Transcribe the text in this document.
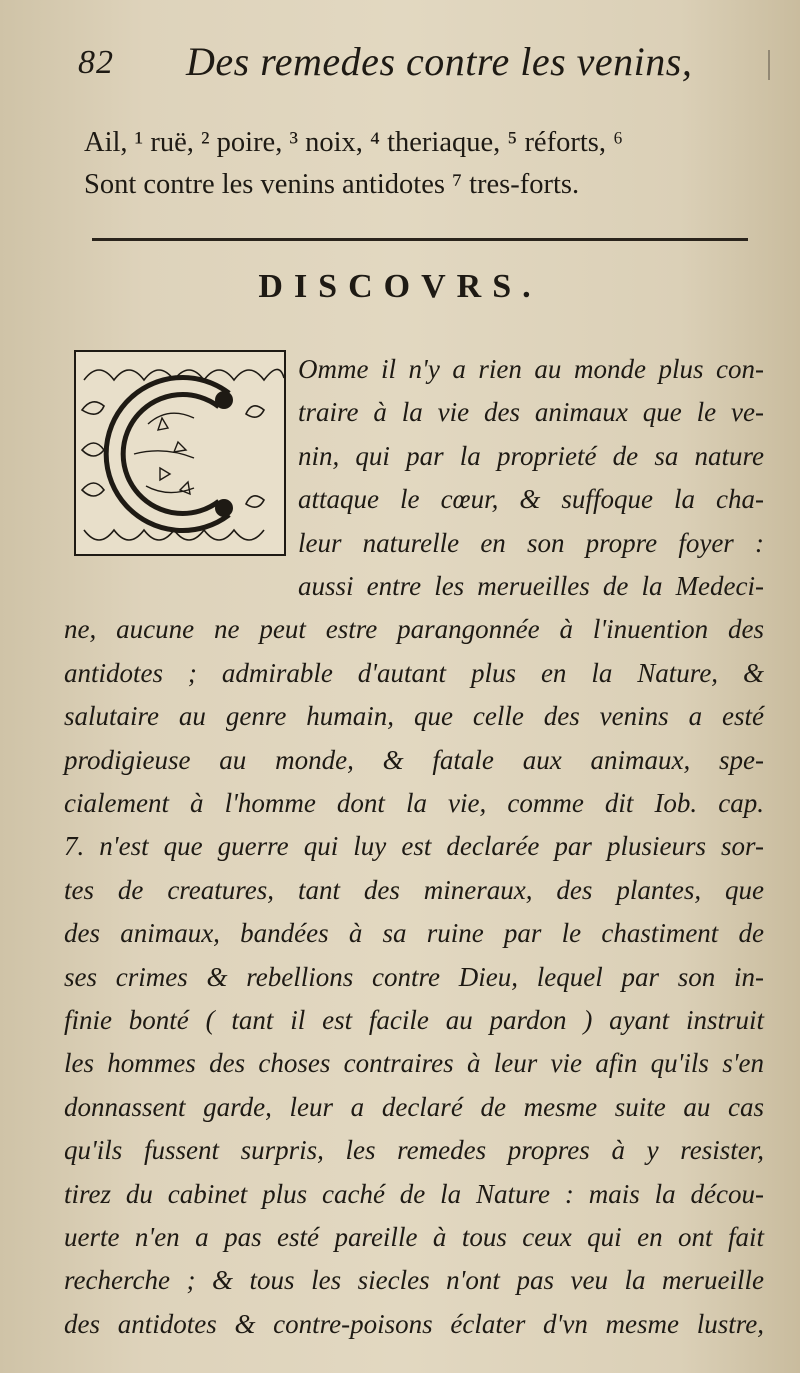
82 Des remedes contre les venins,
Ail, ¹ ruë, ² poire, ³ noix, ⁴ theriaque, ⁵ réforts, ⁶
Sont contre les venins antidotes ⁷ tres-forts.
DISCOVRS.
Omme il n'y a rien au monde plus con-
traire à la vie des animaux que le ve-
nin, qui par la proprieté de sa nature
attaque le cœur, & suffoque la cha-
leur naturelle en son propre foyer :
aussi entre les merueilles de la Medeci-
ne, aucune ne peut estre parangonnée à l'inuention des
antidotes ; admirable d'autant plus en la Nature, &
salutaire au genre humain, que celle des venins a esté
prodigieuse au monde, & fatale aux animaux, spe-
cialement à l'homme dont la vie, comme dit Iob. cap.
7. n'est que guerre qui luy est declarée par plusieurs sor-
tes de creatures, tant des mineraux, des plantes, que
des animaux, bandées à sa ruine par le chastiment de
ses crimes & rebellions contre Dieu, lequel par son in-
finie bonté ( tant il est facile au pardon ) ayant instruit
les hommes des choses contraires à leur vie afin qu'ils s'en
donnassent garde, leur a declaré de mesme suite au cas
qu'ils fussent surpris, les remedes propres à y resister,
tirez du cabinet plus caché de la Nature : mais la décou-
uerte n'en a pas esté pareille à tous ceux qui en ont fait
recherche ; & tous les siecles n'ont pas veu la merueille
des antidotes & contre-poisons éclater d'vn mesme lustre,
